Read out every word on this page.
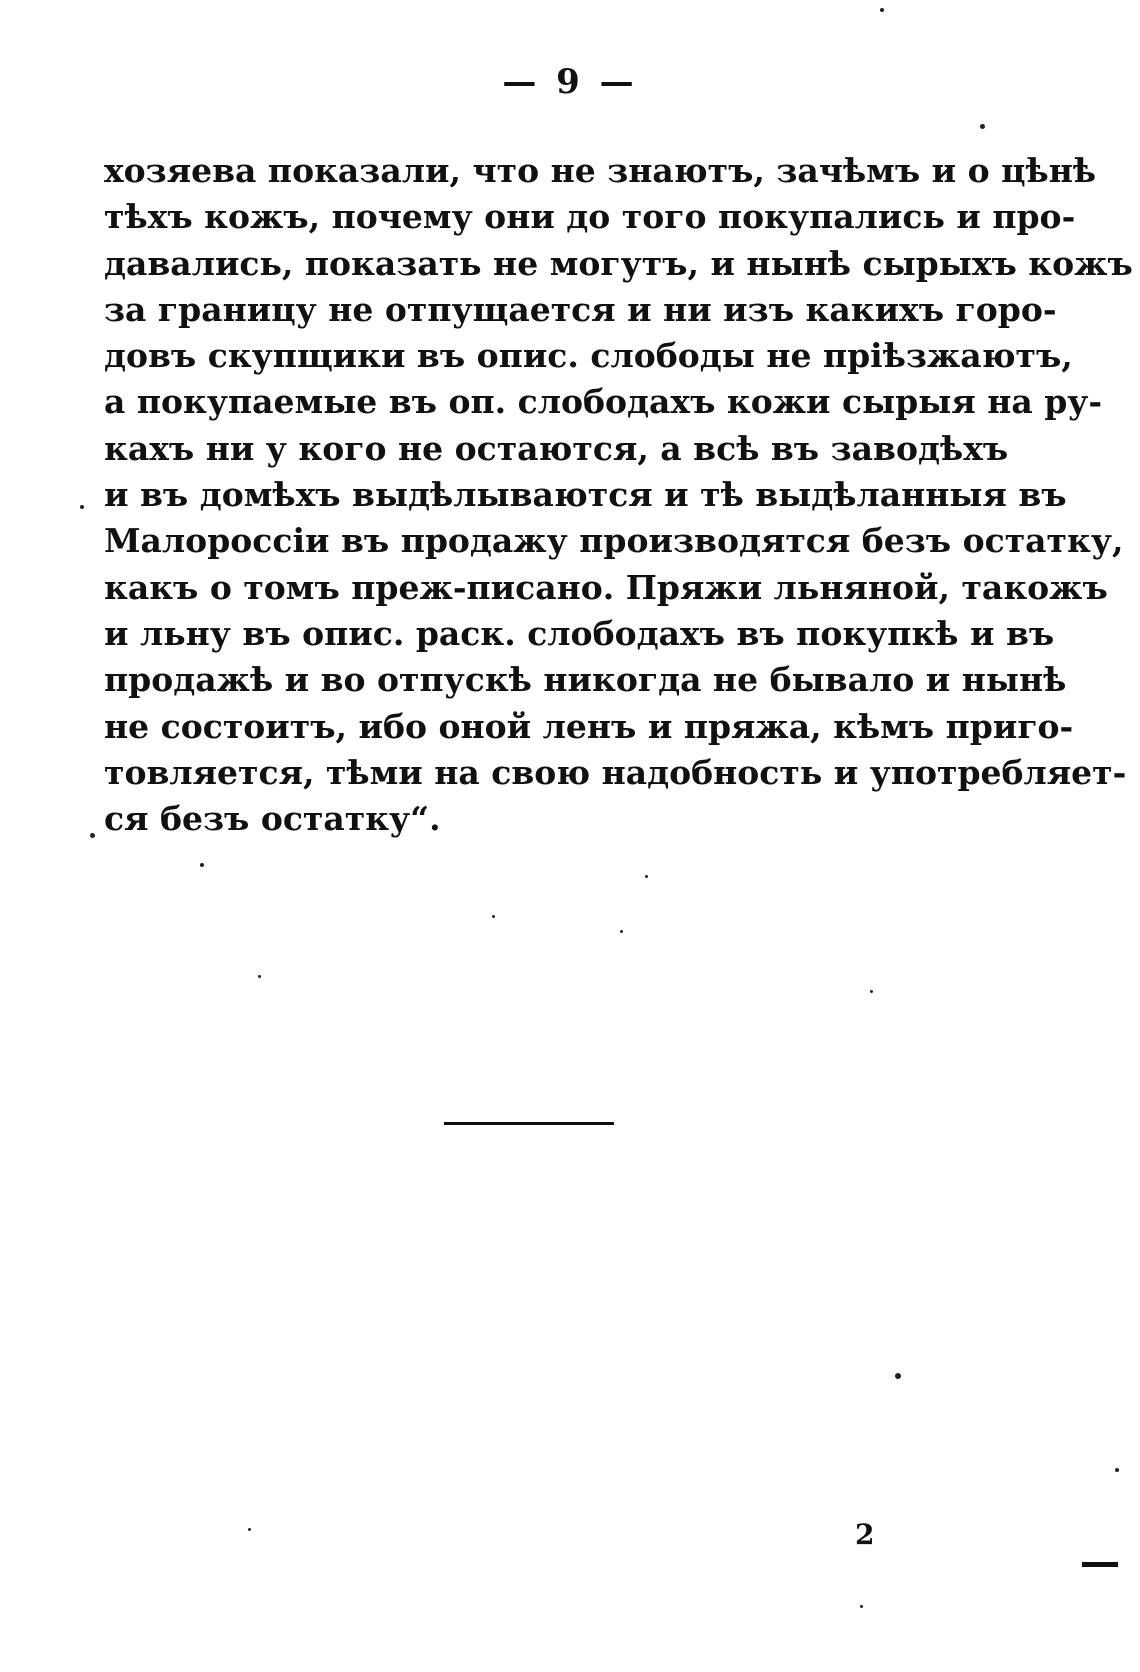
— 9 —
хозяева показали, что не знаютъ, зачѣмъ и о цѣнѣ
тѣхъ кожъ, почему они до того покупались и про-
давались, показать не могутъ, и нынѣ сырыхъ кожъ
за границу не отпущается и ни изъ какихъ горо-
довъ скупщики въ опис. слободы не пріѣзжаютъ,
а покупаемые въ оп. слободахъ кожи сырыя на ру-
кахъ ни у кого не остаются, а всѣ въ заводѣхъ
и въ домѣхъ выдѣлываются и тѣ выдѣланныя въ
Малороссіи въ продажу производятся безъ остатку,
какъ о томъ преж-писано. Пряжи льняной, такожъ
и льну въ опис. раск. слободахъ въ покупкѣ и въ
продажѣ и во отпускѣ никогда не бывало и нынѣ
не состоитъ, ибо оной ленъ и пряжа, кѣмъ приго-
товляется, тѣми на свою надобность и употребляет-
ся безъ остатку“.
2
